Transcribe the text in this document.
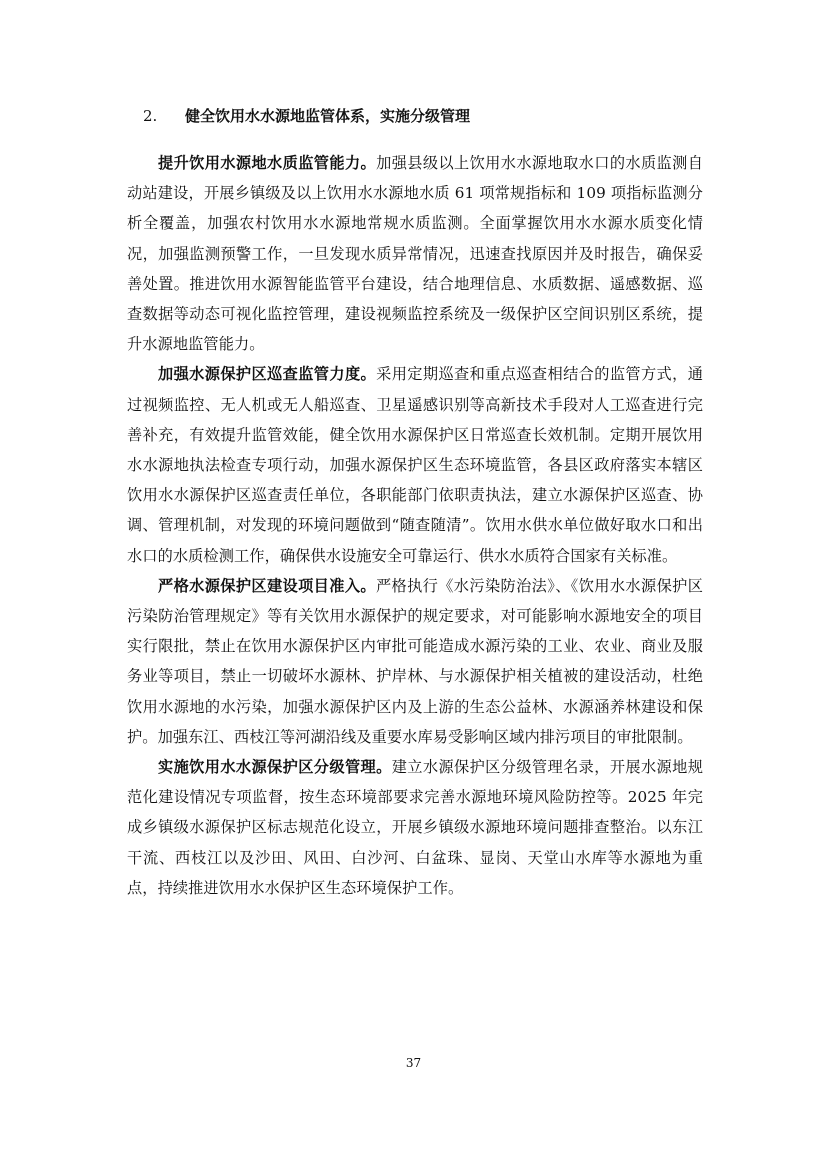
2. 健全饮用水水源地监管体系，实施分级管理

提升饮用水源地水质监管能力。加强县级以上饮用水水源地取水口的水质监测自动站建设，开展乡镇级及以上饮用水水源地水质 61 项常规指标和 109 项指标监测分析全覆盖，加强农村饮用水水源地常规水质监测。全面掌握饮用水水源水质变化情况，加强监测预警工作，一旦发现水质异常情况，迅速查找原因并及时报告，确保妥善处置。推进饮用水源智能监管平台建设，结合地理信息、水质数据、遥感数据、巡查数据等动态可视化监控管理，建设视频监控系统及一级保护区空间识别区系统，提升水源地监管能力。

加强水源保护区巡查监管力度。采用定期巡查和重点巡查相结合的监管方式，通过视频监控、无人机或无人船巡查、卫星遥感识别等高新技术手段对人工巡查进行完善补充，有效提升监管效能，健全饮用水源保护区日常巡查长效机制。定期开展饮用水水源地执法检查专项行动，加强水源保护区生态环境监管，各县区政府落实本辖区饮用水水源保护区巡查责任单位，各职能部门依职责执法，建立水源保护区巡查、协调、管理机制，对发现的环境问题做到“随查随清”。饮用水供水单位做好取水口和出水口的水质检测工作，确保供水设施安全可靠运行、供水水质符合国家有关标准。

严格水源保护区建设项目准入。严格执行《水污染防治法》、《饮用水水源保护区污染防治管理规定》等有关饮用水源保护的规定要求，对可能影响水源地安全的项目实行限批，禁止在饮用水源保护区内审批可能造成水源污染的工业、农业、商业及服务业等项目，禁止一切破坏水源林、护岸林、与水源保护相关植被的建设活动，杜绝饮用水源地的水污染，加强水源保护区内及上游的生态公益林、水源涵养林建设和保护。加强东江、西枝江等河湖沿线及重要水库易受影响区域内排污项目的审批限制。

实施饮用水水源保护区分级管理。建立水源保护区分级管理名录，开展水源地规范化建设情况专项监督，按生态环境部要求完善水源地环境风险防控等。2025 年完成乡镇级水源保护区标志规范化设立，开展乡镇级水源地环境问题排查整治。以东江干流、西枝江以及沙田、风田、白沙河、白盆珠、显岗、天堂山水库等水源地为重点，持续推进饮用水水保护区生态环境保护工作。

37
